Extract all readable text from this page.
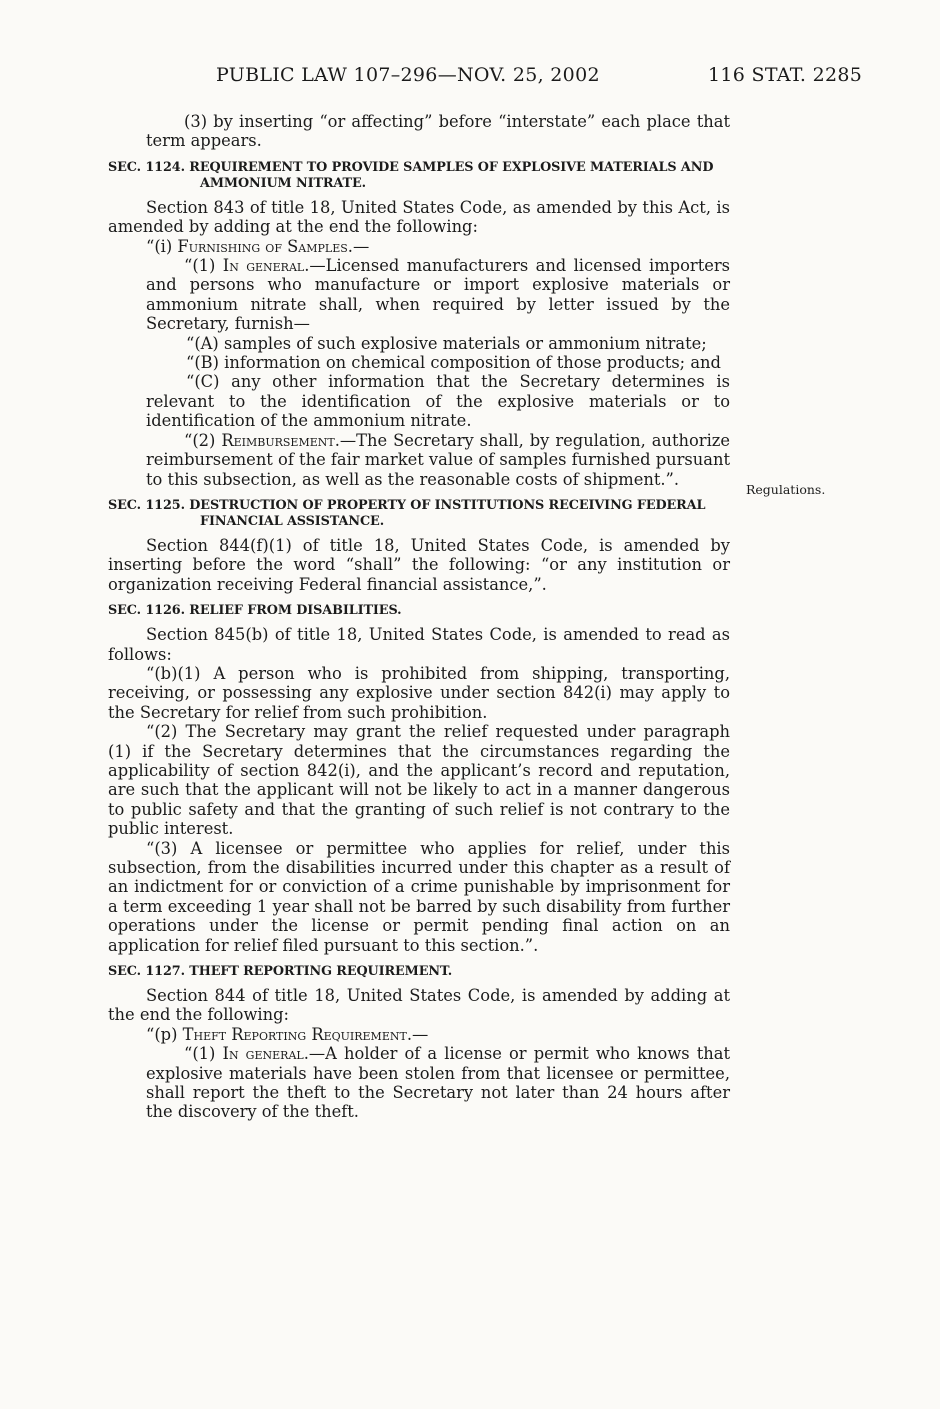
PUBLIC LAW 107–296—NOV. 25, 2002	116 STAT. 2285
Regulations.

(3) by inserting “or affecting” before “interstate” each place that term appears.

SEC. 1124. REQUIREMENT TO PROVIDE SAMPLES OF EXPLOSIVE MATERIALS AND AMMONIUM NITRATE.

Section 843 of title 18, United States Code, as amended by this Act, is amended by adding at the end the following:

“(i) Furnishing of Samples.—

“(1) In general.—Licensed manufacturers and licensed importers and persons who manufacture or import explosive materials or ammonium nitrate shall, when required by letter issued by the Secretary, furnish—

“(A) samples of such explosive materials or ammonium nitrate;

“(B) information on chemical composition of those products; and

“(C) any other information that the Secretary determines is relevant to the identification of the explosive materials or to identification of the ammonium nitrate.

“(2) Reimbursement.—The Secretary shall, by regulation, authorize reimbursement of the fair market value of samples furnished pursuant to this subsection, as well as the reasonable costs of shipment.”.

SEC. 1125. DESTRUCTION OF PROPERTY OF INSTITUTIONS RECEIVING FEDERAL FINANCIAL ASSISTANCE.

Section 844(f)(1) of title 18, United States Code, is amended by inserting before the word “shall” the following: “or any institution or organization receiving Federal financial assistance,”.

SEC. 1126. RELIEF FROM DISABILITIES.

Section 845(b) of title 18, United States Code, is amended to read as follows:

“(b)(1) A person who is prohibited from shipping, transporting, receiving, or possessing any explosive under section 842(i) may apply to the Secretary for relief from such prohibition.

“(2) The Secretary may grant the relief requested under paragraph (1) if the Secretary determines that the circumstances regarding the applicability of section 842(i), and the applicant’s record and reputation, are such that the applicant will not be likely to act in a manner dangerous to public safety and that the granting of such relief is not contrary to the public interest.

“(3) A licensee or permittee who applies for relief, under this subsection, from the disabilities incurred under this chapter as a result of an indictment for or conviction of a crime punishable by imprisonment for a term exceeding 1 year shall not be barred by such disability from further operations under the license or permit pending final action on an application for relief filed pursuant to this section.”.

SEC. 1127. THEFT REPORTING REQUIREMENT.

Section 844 of title 18, United States Code, is amended by adding at the end the following:

“(p) Theft Reporting Requirement.—

“(1) In general.—A holder of a license or permit who knows that explosive materials have been stolen from that licensee or permittee, shall report the theft to the Secretary not later than 24 hours after the discovery of the theft.
